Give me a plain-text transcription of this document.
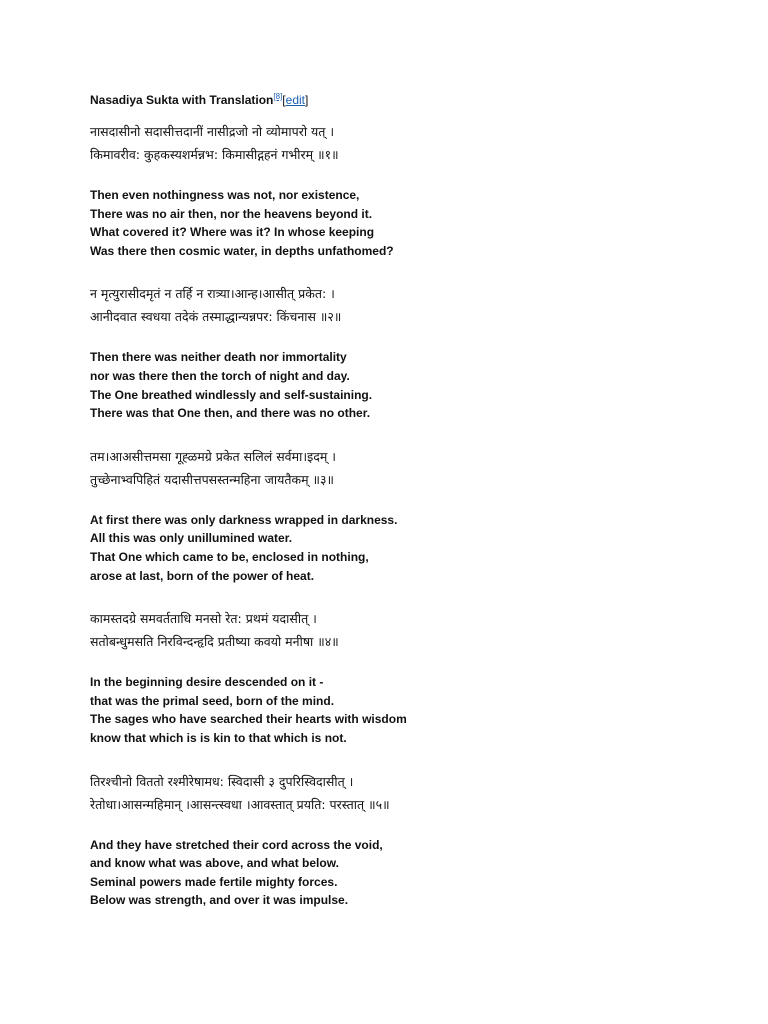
Nasadiya Sukta with Translation[8][edit]
नासदासीनो सदासीत्तदानीं नासीद्रजो नो व्योमापरो यत् ।
किमावरीव: कुहकस्यशर्मन्नभ: किमासीद्गहनं गभीरम् ॥१॥
Then even nothingness was not, nor existence,
There was no air then, nor the heavens beyond it.
What covered it? Where was it? In whose keeping
Was there then cosmic water, in depths unfathomed?
न मृत्युरासीदमृतं न तर्हि न रात्र्या।आन्ह।आसीत् प्रकेत: ।
आनीदवात स्वधया तदेकं तस्माद्धान्यन्नपर: किंचनास ॥२॥
Then there was neither death nor immortality
nor was there then the torch of night and day.
The One breathed windlessly and self-sustaining.
There was that One then, and there was no other.
तम।आअसीत्तमसा गूह्ळमग्रे प्रकेत सलिलं सर्वमा।इदम् ।
तुच्छेनाभ्वपिहितं यदासीत्तपसस्तन्महिना जायतैकम् ॥३॥
At first there was only darkness wrapped in darkness.
All this was only unillumined water.
That One which came to be, enclosed in nothing,
arose at last, born of the power of heat.
कामस्तदग्रे समवर्तताधि मनसो रेत: प्रथमं यदासीत् ।
सतोबन्धुमसति निरविन्दन्हृदि प्रतीष्या कवयो मनीषा ॥४॥
In the beginning desire descended on it -
that was the primal seed, born of the mind.
The sages who have searched their hearts with wisdom
know that which is is kin to that which is not.
तिरश्चीनो विततो रश्मीरेषामध: स्विदासी ३ दुपरिस्विदासीत् ।
रेतोधा।आसन्महिमान् ।आसन्त्स्वधा ।आवस्तात् प्रयति: परस्तात् ॥५॥
And they have stretched their cord across the void,
and know what was above, and what below.
Seminal powers made fertile mighty forces.
Below was strength, and over it was impulse.
